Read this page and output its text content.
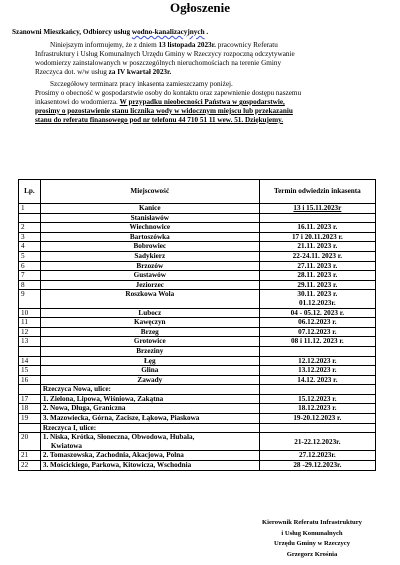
Ogłoszenie
Szanowni Mieszkańcy, Odbiorcy usług wodno-kanalizacyjnych .
Niniejszym informujemy, że z dniem 13 listopada 2023r. pracownicy Referatu
Infrastruktury i Usług Komunalnych Urzędu Gminy w Rzeczycy rozpoczną odczytywanie
wodomierzy zainstalowanych w poszczególnych nieruchomościach na terenie Gminy
Rzeczyca dot. w/w usług za IV kwartał 2023r.
Szczegółowy terminarz pracy inkasenta zamieszczamy poniżej.
Prosimy o obecność w gospodarstwie osoby do kontaktu oraz zapewnienie dostępu naszemu
inkasentowi do wodomierza. W przypadku nieobecności Państwa w gospodarstwie,
prosimy o pozostawienie stanu licznika wody w widocznym miejscu lub przekazaniu
stanu do referatu finansowego pod nr telefonu 44 710 51 11 wew. 51. Dziękujemy.
Lp.	Miejscowość	Termin odwiedzin inkasenta
1	Kanice	13 i 15.11.2023r
	Stanisławów	
2	Wiechnowice	16.11. 2023 r.
3	Bartoszówka	17 i 20.11.2023 r.
4	Bobrowiec	21.11. 2023 r.
5	Sadykierz	22-24.11. 2023 r.
6	Brzozów	27.11. 2023 r.
7	Gustawów	28.11. 2023 r.
8	Jeziorzec	29.11. 2023 r.
9	Roszkowa Wola	30.11. 2023 r.
01.12.2023r.

10	Lubocz	04 - 05.12. 2023 r.
11	Kawęczyn	06.12.2023 r.
12	Brzeg	07.12.2023 r.
13	Grotowice	08 i 11.12. 2023 r.
	Brzeziny	
14	Łęg	12.12.2023 r.
15	Glina	13.12.2023 r.
16	Zawady	14.12. 2023 r.
	Rzeczyca Nowa, ulice:	
17	1. Zielona, Lipowa, Wiśniowa, Zakątna	15.12.2023 r.
18	2. Nowa, Długa, Graniczna	18.12.2023 r.
19	3. Mazowiecka, Górna, Zacisze, Łąkowa, Piaskowa	19-20.12.2023 r.
	Rzeczyca I, ulice:	
20	1. Niska, Krótka, Słoneczna, Obwodowa, Hubala,
Kwiatowa	21-22.12.2023r.
21	2. Tomaszowska, Zachodnia, Akacjowa, Polna	27.12.2023r.
22	3. Mościckiego, Parkowa, Kitowicza, Wschodnia	28 -29.12.2023r.
Kierownik Referatu Infrastruktury
i Usług Komunalnych
Urzędu Gminy w Rzeczycy
Grzegorz Krośnia
